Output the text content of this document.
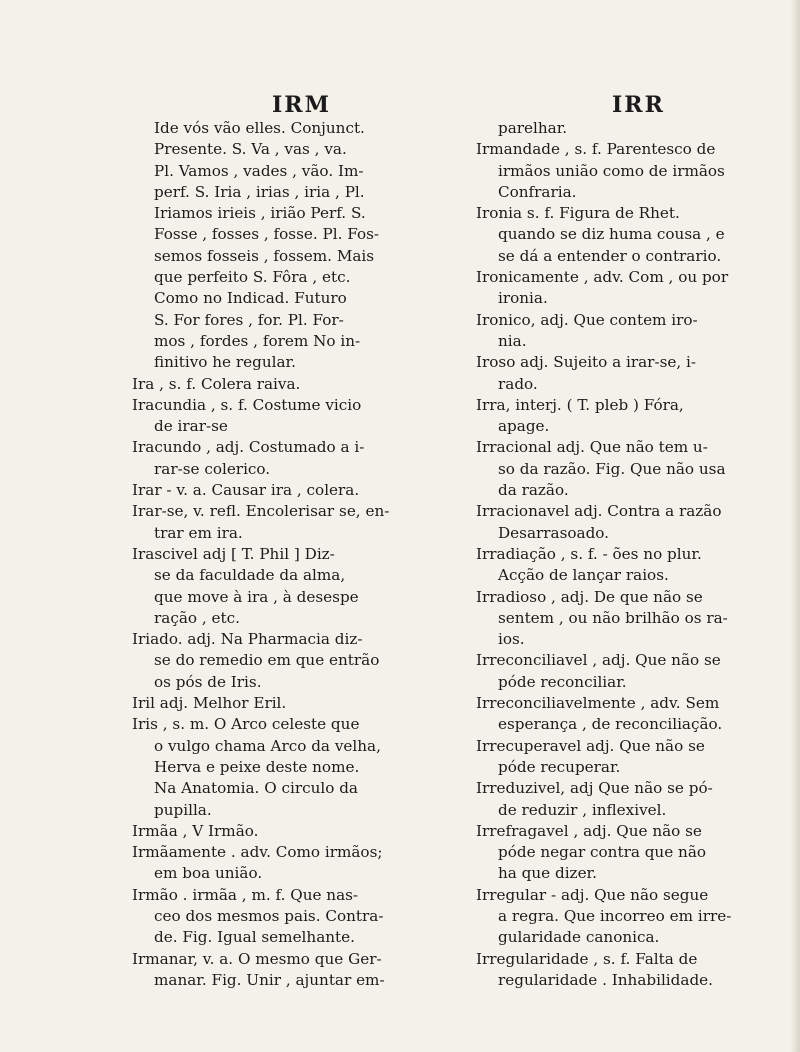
IRM	IRR
Ide vós vão elles. Conjunct.
Presente. S. Va , vas , va.
Pl. Vamos , vades , vão. Im-
perf. S. Iria , irias , iria , Pl.
Iriamos irieis , irião Perf. S.
Fosse , fosses , fosse. Pl. Fos-
semos fosseis , fossem. Mais
que perfeito S. Fôra , etc.
Como no Indicad. Futuro
S. For fores , for. Pl. For-
mos , fordes , forem No in-
finitivo he regular.
Ira , s. f. Colera raiva.
Iracundia , s. f. Costume vicio
de irar-se
Iracundo , adj. Costumado a i-
rar-se colerico.
Irar - v. a. Causar ira , colera.
Irar-se, v. refl. Encolerisar se, en-
trar em ira.
Irascivel adj [ T. Phil ] Diz-
se da faculdade da alma,
que move à ira , à desespe
ração , etc.
Iriado. adj. Na Pharmacia diz-
se do remedio em que entrão
os pós de Iris.
Iril adj. Melhor Eril.
Iris , s. m. O Arco celeste que
o vulgo chama Arco da velha,
Herva e peixe deste nome.
Na Anatomia. O circulo da
pupilla.
Irmãa , V Irmão.
Irmãamente . adv. Como irmãos;
em boa união.
Irmão . irmãa , m. f. Que nas-
ceo dos mesmos pais. Contra-
de. Fig. Igual semelhante.
Irmanar, v. a. O mesmo que Ger-
manar. Fig. Unir , ajuntar em-
parelhar.
Irmandade , s. f. Parentesco de
irmãos união como de irmãos
Confraria.
Ironia s. f. Figura de Rhet.
quando se diz huma cousa , e
se dá a entender o contrario.
Ironicamente , adv. Com , ou por
ironia.
Ironico, adj. Que contem iro-
nia.
Iroso adj. Sujeito a irar-se, i-
rado.
Irra, interj. ( T. pleb ) Fóra,
apage.
Irracional adj. Que não tem u-
so da razão. Fig. Que não usa
da razão.
Irracionavel adj. Contra a razão
Desarrasoado.
Irradiação , s. f. - ões no plur.
Acção de lançar raios.
Irradioso , adj. De que não se
sentem , ou não brilhão os ra-
ios.
Irreconciliavel , adj. Que não se
póde reconciliar.
Irreconciliavelmente , adv. Sem
esperança , de reconciliação.
Irrecuperavel adj. Que não se
póde recuperar.
Irreduzivel, adj Que não se pó-
de reduzir , inflexivel.
Irrefragavel , adj. Que não se
póde negar contra que não
ha que dizer.
Irregular - adj. Que não segue
a regra. Que incorreo em irre-
gularidade canonica.
Irregularidade , s. f. Falta de
regularidade . Inhabilidade.
